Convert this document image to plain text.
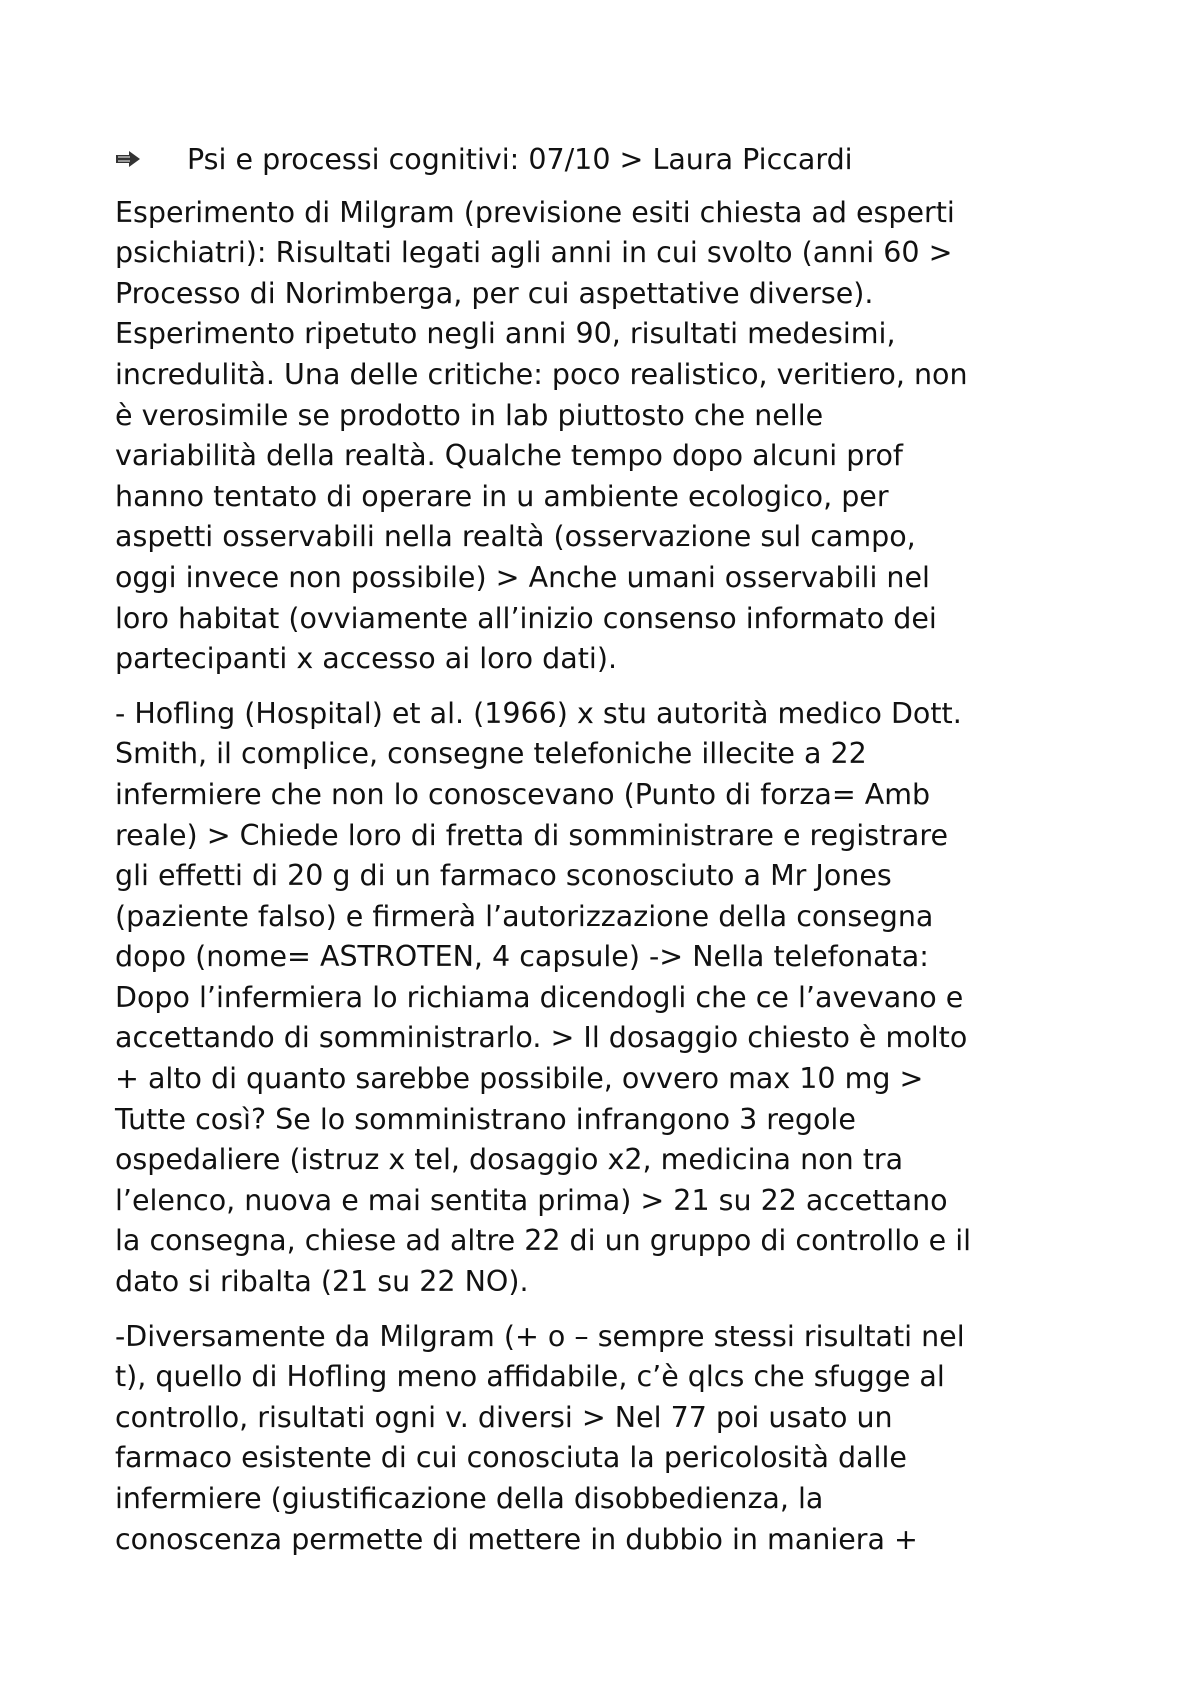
Psi e processi cognitivi: 07/10 > Laura Piccardi
Esperimento di Milgram (previsione esiti chiesta ad esperti
psichiatri): Risultati legati agli anni in cui svolto (anni 60 >
Processo di Norimberga, per cui aspettative diverse).
Esperimento ripetuto negli anni 90, risultati medesimi,
incredulità. Una delle critiche: poco realistico, veritiero, non
è verosimile se prodotto in lab piuttosto che nelle
variabilità della realtà. Qualche tempo dopo alcuni prof
hanno tentato di operare in u ambiente ecologico, per
aspetti osservabili nella realtà (osservazione sul campo,
oggi invece non possibile) > Anche umani osservabili nel
loro habitat (ovviamente all’inizio consenso informato dei
partecipanti x accesso ai loro dati).
- Hofling (Hospital) et al. (1966) x stu autorità medico Dott.
Smith, il complice, consegne telefoniche illecite a 22
infermiere che non lo conoscevano (Punto di forza= Amb
reale) > Chiede loro di fretta di somministrare e registrare
gli effetti di 20 g di un farmaco sconosciuto a Mr Jones
(paziente falso) e firmerà l’autorizzazione della consegna
dopo (nome= ASTROTEN, 4 capsule) -> Nella telefonata:
Dopo l’infermiera lo richiama dicendogli che ce l’avevano e
accettando di somministrarlo. > Il dosaggio chiesto è molto
+ alto di quanto sarebbe possibile, ovvero max 10 mg >
Tutte così? Se lo somministrano infrangono 3 regole
ospedaliere (istruz x tel, dosaggio x2, medicina non tra
l’elenco, nuova e mai sentita prima) > 21 su 22 accettano
la consegna, chiese ad altre 22 di un gruppo di controllo e il
dato si ribalta (21 su 22 NO).
-Diversamente da Milgram (+ o – sempre stessi risultati nel
t), quello di Hofling meno affidabile, c’è qlcs che sfugge al
controllo, risultati ogni v. diversi > Nel 77 poi usato un
farmaco esistente di cui conosciuta la pericolosità dalle
infermiere (giustificazione della disobbedienza, la
conoscenza permette di mettere in dubbio in maniera +
